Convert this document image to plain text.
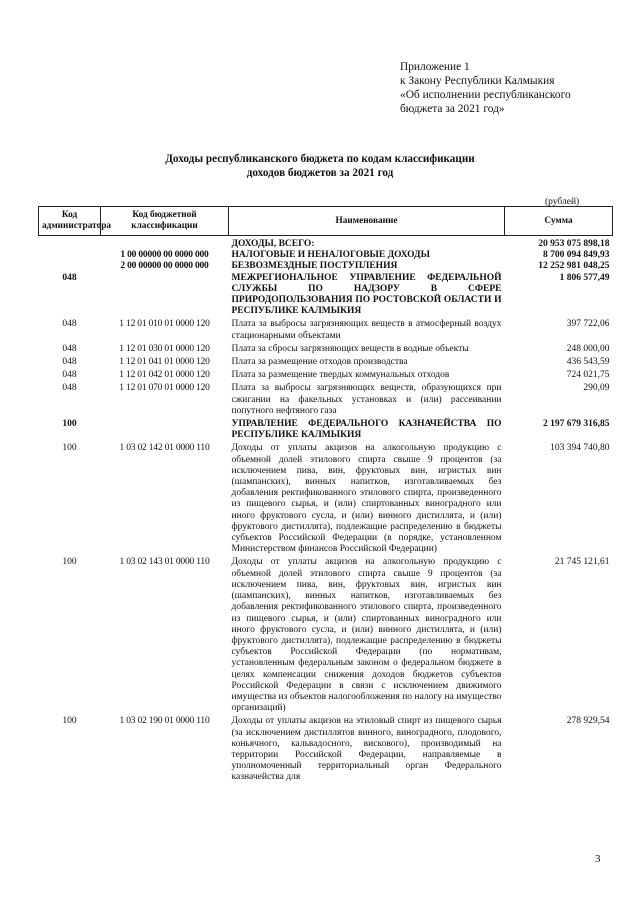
Приложение 1
к Закону Республики Калмыкия
«Об исполнении республиканского
бюджета за 2021 год»
Доходы республиканского бюджета по кодам классификации
доходов бюджетов за 2021 год
(рублей)
Код администратора	Код бюджетной классификации	Наименование	Сумма
		ДОХОДЫ, ВСЕГО:	20 953 075 898,18
	1 00 00000 00 0000 000	НАЛОГОВЫЕ И НЕНАЛОГОВЫЕ ДОХОДЫ	8 700 094 849,93
	2 00 00000 00 0000 000	БЕЗВОЗМЕЗДНЫЕ ПОСТУПЛЕНИЯ	12 252 981 048,25
048		МЕЖРЕГИОНАЛЬНОЕ УПРАВЛЕНИЕ ФЕДЕРАЛЬНОЙ СЛУЖБЫ ПО НАДЗОРУ В СФЕРЕ ПРИРОДОПОЛЬЗОВАНИЯ ПО РОСТОВСКОЙ ОБЛАСТИ И РЕСПУБЛИКЕ КАЛМЫКИЯ	1 806 577,49
048	1 12 01 010 01 0000 120	Плата за выбросы загрязняющих веществ в атмосферный воздух стационарными объектами	397 722,06
048	1 12 01 030 01 0000 120	Плата за сбросы загрязняющих веществ в водные объекты	248 000,00
048	1 12 01 041 01 0000 120	Плата за размещение отходов производства	436 543,59
048	1 12 01 042 01 0000 120	Плата за размещение твердых коммунальных отходов	724 021,75
048	1 12 01 070 01 0000 120	Плата за выбросы загрязняющих веществ, образующихся при сжигании на факельных установках и (или) рассеивании попутного нефтяного газа	290,09
100		УПРАВЛЕНИЕ ФЕДЕРАЛЬНОГО КАЗНАЧЕЙСТВА ПО РЕСПУБЛИКЕ КАЛМЫКИЯ	2 197 679 316,85
100	1 03 02 142 01 0000 110	Доходы от уплаты акцизов на алкогольную продукцию с объемной долей этилового спирта свыше 9 процентов (за исключением пива, вин, фруктовых вин, игристых вин (шампанских), винных напитков, изготавливаемых без добавления ректификованного этилового спирта, произведенного из пищевого сырья, и (или) спиртованных виноградного или иного фруктового сусла, и (или) винного дистиллята, и (или) фруктового дистиллята), подлежащие распределению в бюджеты субъектов Российской Федерации (в порядке, установленном Министерством финансов Российской Федерации)	103 394 740,80
100	1 03 02 143 01 0000 110	Доходы от уплаты акцизов на алкогольную продукцию с объемной долей этилового спирта свыше 9 процентов (за исключением пива, вин, фруктовых вин, игристых вин (шампанских), винных напитков, изготавливаемых без добавления ректификованного этилового спирта, произведенного из пищевого сырья, и (или) спиртованных виноградного или иного фруктового сусла, и (или) винного дистиллята, и (или) фруктового дистиллята), подлежащие распределению в бюджеты субъектов Российской Федерации (по нормативам, установленным федеральным законом о федеральном бюджете в целях компенсации снижения доходов бюджетов субъектов Российской Федерации в связи с исключением движимого имущества из объектов налогообложения по налогу на имущество организаций)	21 745 121,61
100	1 03 02 190 01 0000 110	Доходы от уплаты акцизов на этиловый спирт из пищевого сырья (за исключением дистиллятов винного, виноградного, плодового, коньячного, кальвадосного, вискового), производимый на территории Российской Федерации, направляемые в уполномоченный территориальный орган Федерального казначейства для	278 929,54
3
